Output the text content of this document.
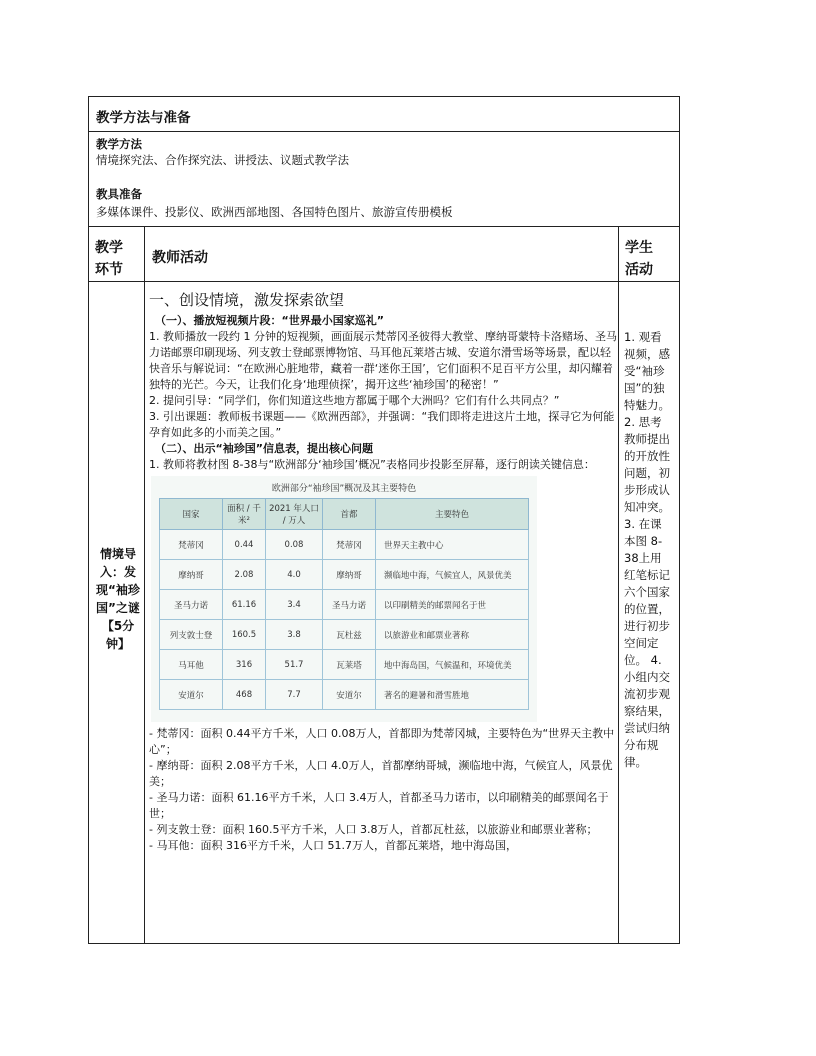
教学方法与准备
教学方法
情境探究法、合作探究法、讲授法、议题式教学法
教具准备
多媒体课件、投影仪、欧洲西部地图、各国特色图片、旅游宣传册模板
教学
环节
教师活动
学生
活动
情境导入：发现“袖珍国”之谜【5分钟】
一、创设情境，激发探索欲望
（一）、播放短视频片段：“世界最小国家巡礼”

1. 教师播放一段约 1 分钟的短视频，画面展示梵蒂冈圣彼得大教堂、摩纳哥蒙特卡洛赌场、圣马力诺邮票印刷现场、列支敦士登邮票博物馆、马耳他瓦莱塔古城、安道尔滑雪场等场景，配以轻快音乐与解说词：“在欧洲心脏地带，藏着一群‘迷你王国’，它们面积不足百平方公里，却闪耀着独特的光芒。今天，让我们化身‘地理侦探’，揭开这些‘袖珍国’的秘密！”

2. 提问引导：“同学们，你们知道这些地方都属于哪个大洲吗？它们有什么共同点？”

3. 引出课题：教师板书课题——《欧洲西部》，并强调：“我们即将走进这片土地，探寻它为何能孕育如此多的小而美之国。”

（二）、出示“袖珍国”信息表，提出核心问题

1. 教师将教材图 8-38与“欧洲部分‘袖珍国’概况”表格同步投影至屏幕，逐行朗读关键信息：

欧洲部分“袖珍国”概况及其主要特色
国家	面积 / 千米²	2021 年人口 / 万人	首都	主要特色
梵蒂冈	0.44	0.08	梵蒂冈	世界天主教中心
摩纳哥	2.08	4.0	摩纳哥	濒临地中海，气候宜人，风景优美
圣马力诺	61.16	3.4	圣马力诺	以印刷精美的邮票闻名于世
列支敦士登	160.5	3.8	瓦杜兹	以旅游业和邮票业著称
马耳他	316	51.7	瓦莱塔	地中海岛国，气候温和，环境优美
安道尔	468	7.7	安道尔	著名的避暑和滑雪胜地

- 梵蒂冈：面积 0.44平方千米，人口 0.08万人，首都即为梵蒂冈城，主要特色为“世界天主教中心”；

- 摩纳哥：面积 2.08平方千米，人口 4.0万人，首都摩纳哥城，濒临地中海，气候宜人，风景优美；

- 圣马力诺：面积 61.16平方千米，人口 3.4万人，首都圣马力诺市，以印刷精美的邮票闻名于世；

- 列支敦士登：面积 160.5平方千米，人口 3.8万人，首都瓦杜兹，以旅游业和邮票业著称；

- 马耳他：面积 316平方千米，人口 51.7万人，首都瓦莱塔，地中海岛国，

1. 观看视频，感受“袖珍国”的独特魅力。 2. 思考教师提出的开放性问题，初步形成认知冲突。 3. 在课本图 8-38上用红笔标记六个国家的位置，进行初步空间定位。 4. 小组内交流初步观察结果，尝试归纳分布规律。
